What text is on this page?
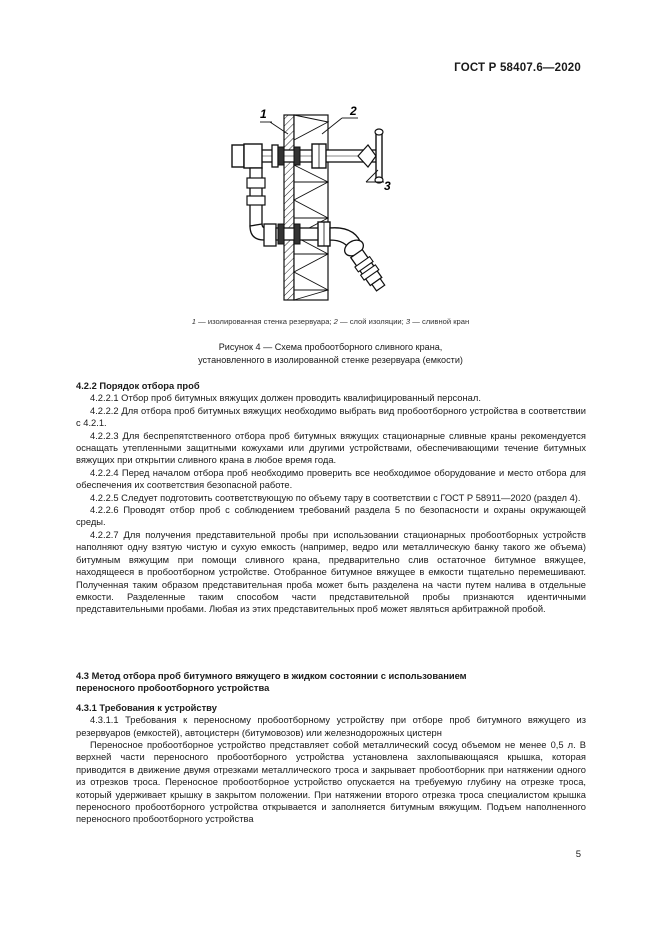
ГОСТ Р 58407.6—2020
1	2
3
1 — изолированная стенка резервуара; 2 — слой изоляции; 3 — сливной кран
Рисунок 4 — Схема пробоотборного сливного крана,
установленного в изолированной стенке резервуара (емкости)
4.2.2 Порядок отбора проб

4.2.2.1 Отбор проб битумных вяжущих должен проводить квалифицированный персонал.

4.2.2.2 Для отбора проб битумных вяжущих необходимо выбрать вид пробоотборного устройства в соответствии с 4.2.1.

4.2.2.3 Для беспрепятственного отбора проб битумных вяжущих стационарные сливные краны рекомендуется оснащать утепленными защитными кожухами или другими устройствами, обеспечивающими течение битумных вяжущих при открытии сливного крана в любое время года.

4.2.2.4 Перед началом отбора проб необходимо проверить все необходимое оборудование и место отбора для обеспечения их соответствия безопасной работе.

4.2.2.5 Следует подготовить соответствующую по объему тару в соответствии с ГОСТ Р 58911—2020 (раздел 4).

4.2.2.6 Проводят отбор проб с соблюдением требований раздела 5 по безопасности и охраны окружающей среды.

4.2.2.7 Для получения представительной пробы при использовании стационарных пробоотборных устройств наполняют одну взятую чистую и сухую емкость (например, ведро или металлическую банку такого же объема) битумным вяжущим при помощи сливного крана, предварительно слив остаточное битумное вяжущее, находящееся в пробоотборном устройстве. Отобранное битумное вяжущее в емкости тщательно перемешивают. Полученная таким образом представительная проба может быть разделена на части путем налива в отдельные емкости. Разделенные таким способом части представительной пробы признаются идентичными представительными пробами. Любая из этих представительных проб может являться арбитражной пробой.

4.3 Метод отбора проб битумного вяжущего в жидком состоянии с использованием
переносного пробоотборного устройства
4.3.1 Требования к устройству

4.3.1.1 Требования к переносному пробоотборному устройству при отборе проб битумного вяжущего из резервуаров (емкостей), автоцистерн (битумовозов) или железнодорожных цистерн

Переносное пробоотборное устройство представляет собой металлический сосуд объемом не менее 0,5 л. В верхней части переносного пробоотборного устройства установлена захлопывающаяся крышка, которая приводится в движение двумя отрезками металлического троса и закрывает пробоотборник при натяжении одного из отрезков троса. Переносное пробоотборное устройство опускается на требуемую глубину на отрезке троса, который удерживает крышку в закрытом положении. При натяжении второго отрезка троса специалистом крышка переносного пробоотборного устройства открывается и заполняется битумным вяжущим. Подъем наполненного переносного пробоотборного устройства

5
